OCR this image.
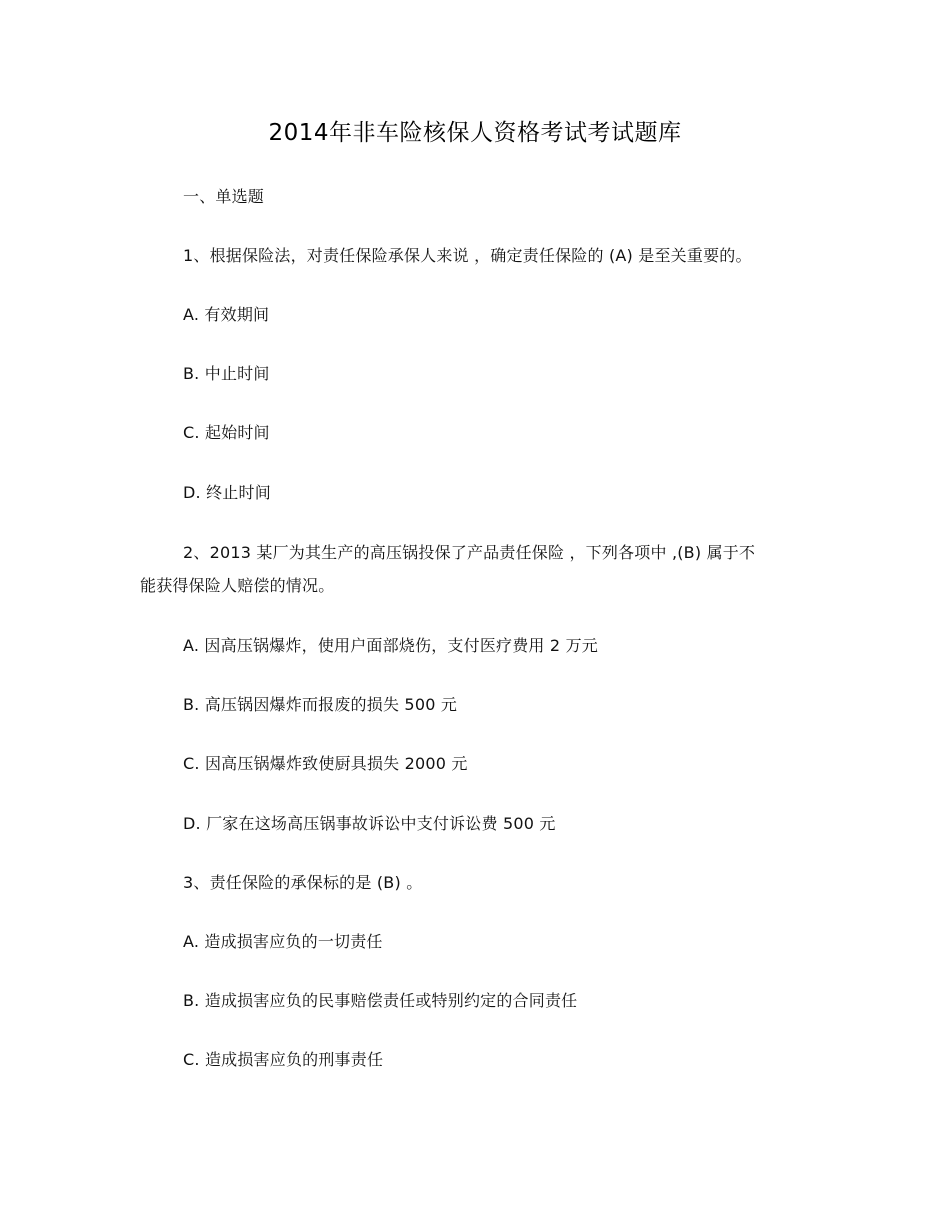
2014年非车险核保人资格考试考试题库
一、单选题
1、根据保险法，对责任保险承保人来说 ，确定责任保险的 (A) 是至关重要的。
A. 有效期间
B. 中止时间
C. 起始时间
D. 终止时间
2、2013 某厂为其生产的高压锅投保了产品责任保险 ，下列各项中 ,(B) 属于不
能获得保险人赔偿的情况。
A. 因高压锅爆炸，使用户面部烧伤，支付医疗费用 2 万元
B. 高压锅因爆炸而报废的损失 500 元
C. 因高压锅爆炸致使厨具损失 2000 元
D. 厂家在这场高压锅事故诉讼中支付诉讼费 500 元
3、责任保险的承保标的是 (B) 。
A. 造成损害应负的一切责任
B. 造成损害应负的民事赔偿责任或特别约定的合同责任
C. 造成损害应负的刑事责任
